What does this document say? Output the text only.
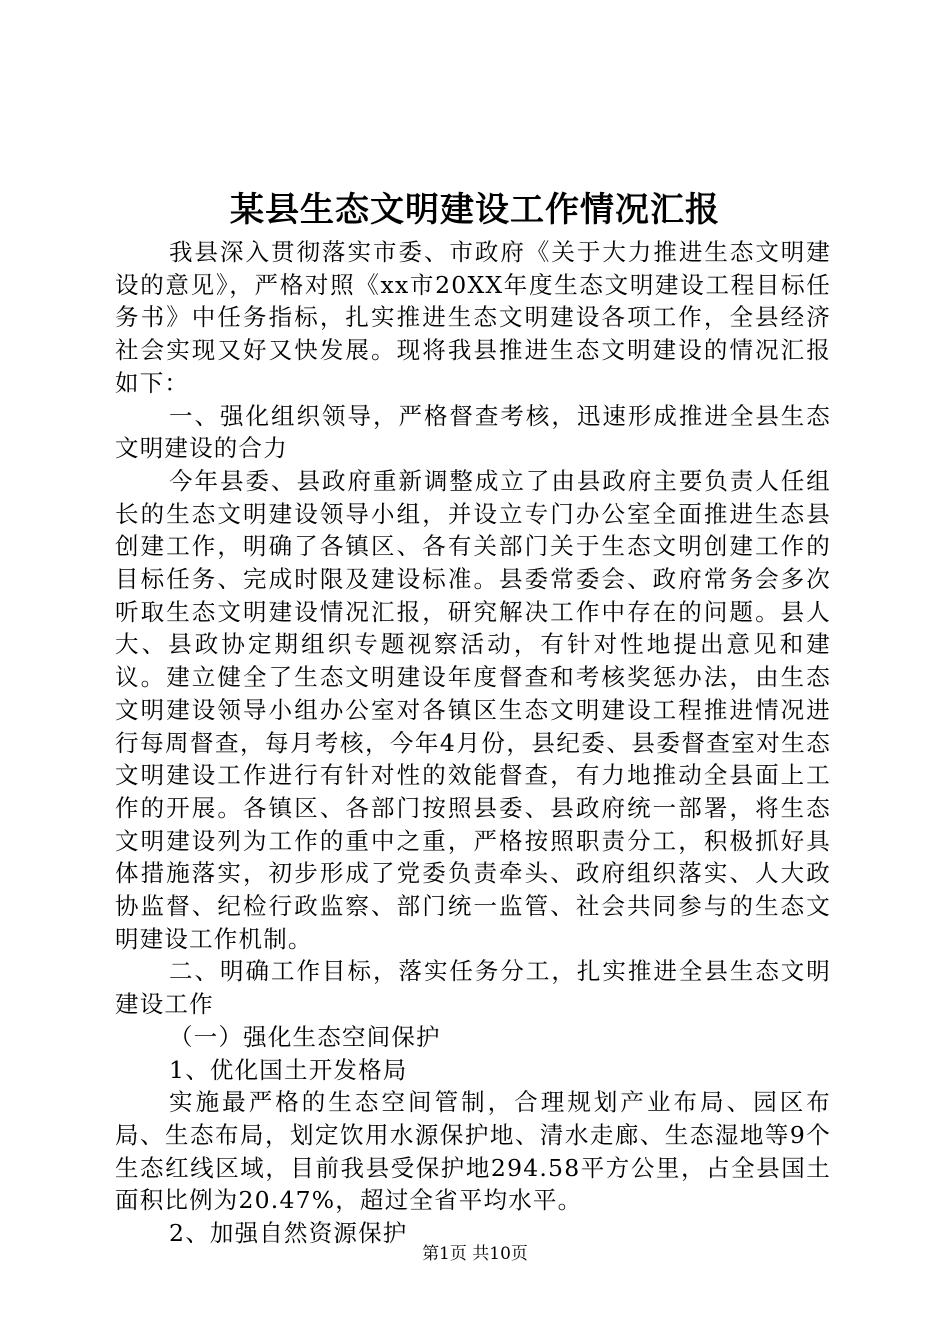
某县生态文明建设工作情况汇报

我县深入贯彻落实市委、市政府《关于大力推进生态文明建设的意见》，严格对照《xx市20XX年度生态文明建设工程目标任务书》中任务指标，扎实推进生态文明建设各项工作，全县经济社会实现又好又快发展。现将我县推进生态文明建设的情况汇报如下：

一、强化组织领导，严格督查考核，迅速形成推进全县生态文明建设的合力

今年县委、县政府重新调整成立了由县政府主要负责人任组长的生态文明建设领导小组，并设立专门办公室全面推进生态县创建工作，明确了各镇区、各有关部门关于生态文明创建工作的目标任务、完成时限及建设标准。县委常委会、政府常务会多次听取生态文明建设情况汇报，研究解决工作中存在的问题。县人大、县政协定期组织专题视察活动，有针对性地提出意见和建议。建立健全了生态文明建设年度督查和考核奖惩办法，由生态文明建设领导小组办公室对各镇区生态文明建设工程推进情况进行每周督查，每月考核，今年4月份，县纪委、县委督查室对生态文明建设工作进行有针对性的效能督查，有力地推动全县面上工作的开展。各镇区、各部门按照县委、县政府统一部署，将生态文明建设列为工作的重中之重，严格按照职责分工，积极抓好具体措施落实，初步形成了党委负责牵头、政府组织落实、人大政协监督、纪检行政监察、部门统一监管、社会共同参与的生态文明建设工作机制。

二、明确工作目标，落实任务分工，扎实推进全县生态文明建设工作

（一）强化生态空间保护

1、优化国土开发格局

实施最严格的生态空间管制，合理规划产业布局、园区布局、生态布局，划定饮用水源保护地、清水走廊、生态湿地等9个生态红线区域，目前我县受保护地294.58平方公里，占全县国土面积比例为20.47%，超过全省平均水平。

2、加强自然资源保护

第1页 共10页
